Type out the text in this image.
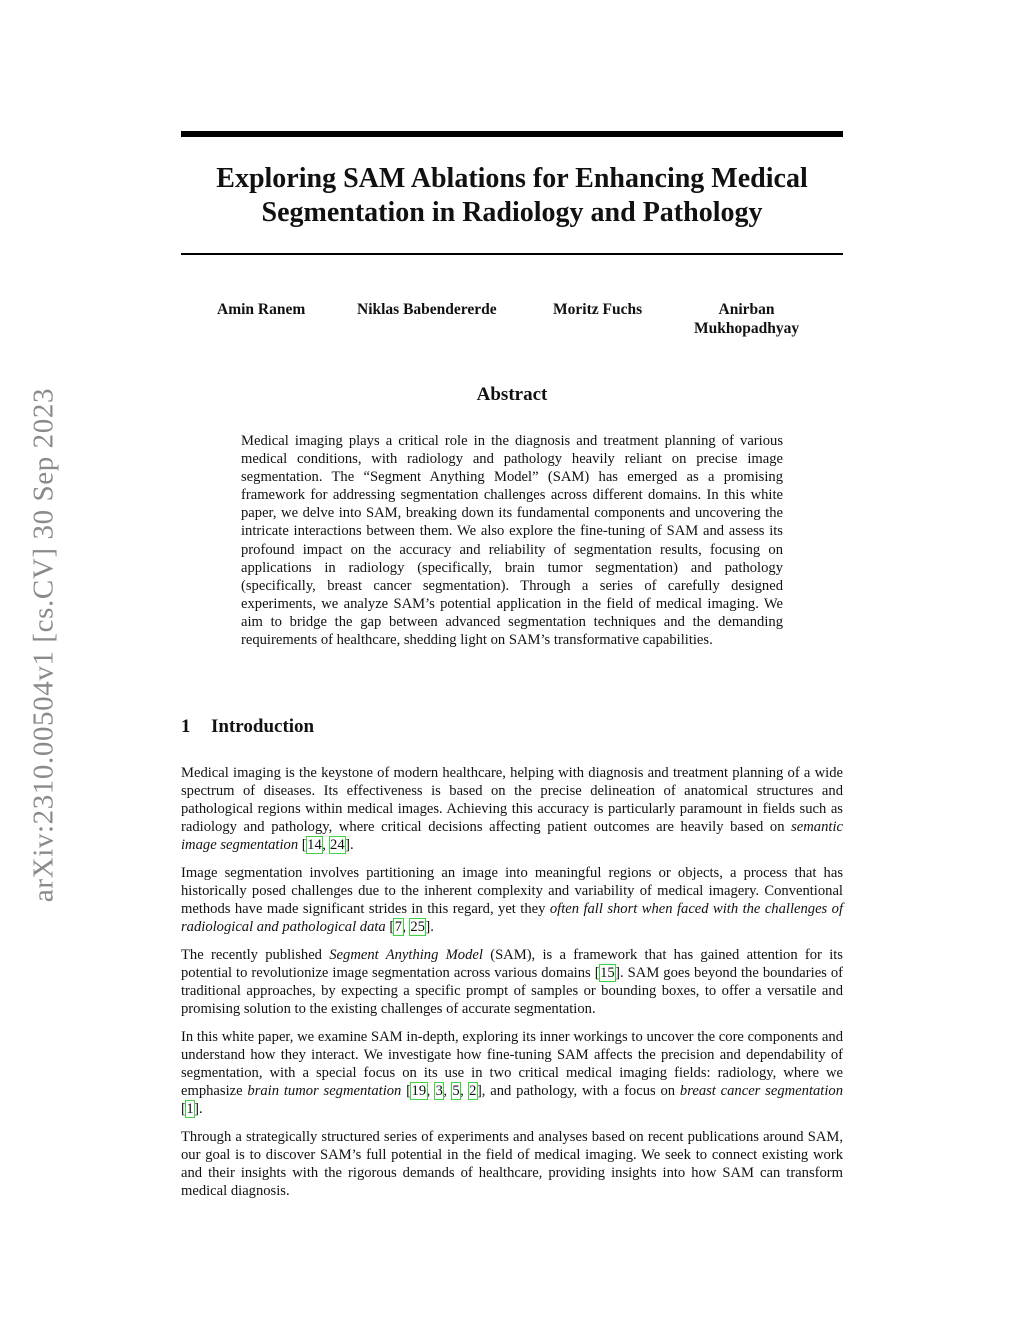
arXiv:2310.00504v1 [cs.CV] 30 Sep 2023
Exploring SAM Ablations for Enhancing Medical
Segmentation in Radiology and Pathology
Amin Ranem	Niklas Babendererde	Moritz Fuchs	Anirban
Mukhopadhyay
Abstract
Medical imaging plays a critical role in the diagnosis and treatment planning of various medical conditions, with radiology and pathology heavily reliant on precise image segmentation. The “Segment Anything Model” (SAM) has emerged as a promising framework for addressing segmentation challenges across different domains. In this white paper, we delve into SAM, breaking down its fundamental components and uncovering the intricate interactions between them. We also explore the fine-tuning of SAM and assess its profound impact on the accuracy and reliability of segmentation results, focusing on applications in radiology (specifically, brain tumor segmentation) and pathology (specifically, breast cancer segmentation). Through a series of carefully designed experiments, we analyze SAM’s potential application in the field of medical imaging. We aim to bridge the gap between advanced segmentation techniques and the demanding requirements of healthcare, shedding light on SAM’s transformative capabilities.
1 Introduction

Medical imaging is the keystone of modern healthcare, helping with diagnosis and treatment planning of a wide spectrum of diseases. Its effectiveness is based on the precise delineation of anatomical structures and pathological regions within medical images. Achieving this accuracy is particularly paramount in fields such as radiology and pathology, where critical decisions affecting patient outcomes are heavily based on semantic image segmentation [14, 24].

Image segmentation involves partitioning an image into meaningful regions or objects, a process that has historically posed challenges due to the inherent complexity and variability of medical imagery. Conventional methods have made significant strides in this regard, yet they often fall short when faced with the challenges of radiological and pathological data [7, 25].

The recently published Segment Anything Model (SAM), is a framework that has gained attention for its potential to revolutionize image segmentation across various domains [15]. SAM goes beyond the boundaries of traditional approaches, by expecting a specific prompt of samples or bounding boxes, to offer a versatile and promising solution to the existing challenges of accurate segmentation.

In this white paper, we examine SAM in-depth, exploring its inner workings to uncover the core components and understand how they interact. We investigate how fine-tuning SAM affects the precision and dependability of segmentation, with a special focus on its use in two critical medical imaging fields: radiology, where we emphasize brain tumor segmentation [19, 3, 5, 2], and pathology, with a focus on breast cancer segmentation [1].

Through a strategically structured series of experiments and analyses based on recent publications around SAM, our goal is to discover SAM’s full potential in the field of medical imaging. We seek to connect existing work and their insights with the rigorous demands of healthcare, providing insights into how SAM can transform medical diagnosis.
